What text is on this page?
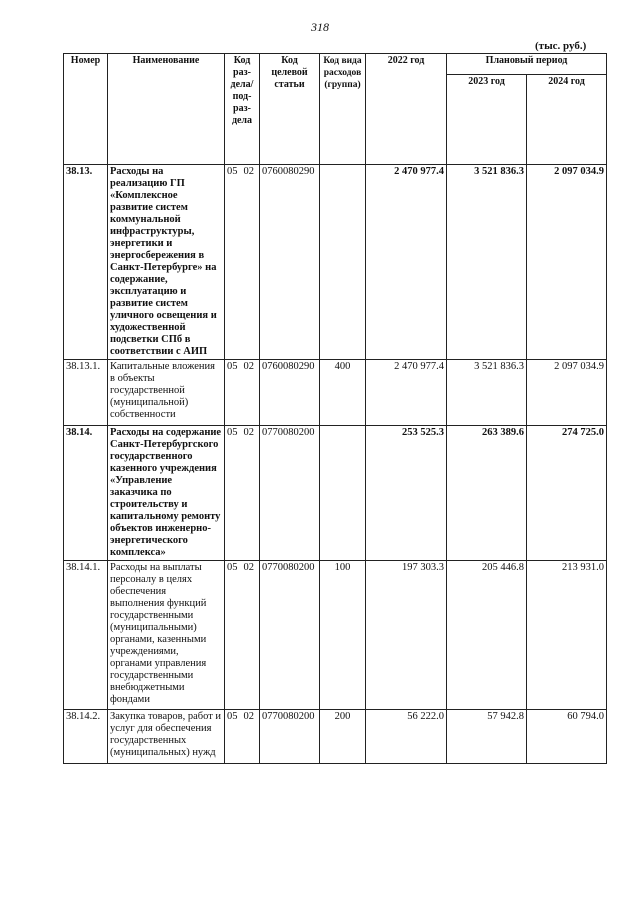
318
(тыс. руб.)
Номер	Наименование	Код раз-дела/ под-раз-дела	Код целевой статьи	Код вида расходов (группа)	2022 год	Плановый период	
						2023 год	2024 год
38.13.	Расходы на реализацию ГП «Комплексное развитие систем коммунальной инфраструктуры, энергетики и энергосбережения в Санкт-Петербурге» на содержание, эксплуатацию и развитие систем уличного освещения и художественной подсветки СПб в соответствии с АИП	05 02	0760080290		2 470 977.4	3 521 836.3	2 097 034.9
38.13.1.	Капитальные вложения в объекты государственной (муниципальной) собственности	05 02	0760080290	400	2 470 977.4	3 521 836.3	2 097 034.9
38.14.	Расходы на содержание Санкт-Петербургского государственного казенного учреждения «Управление заказчика по строительству и капитальному ремонту объектов инженерно-энергетического комплекса»	05 02	0770080200		253 525.3	263 389.6	274 725.0
38.14.1.	Расходы на выплаты персоналу в целях обеспечения выполнения функций государственными (муниципальными) органами, казенными учреждениями, органами управления государственными внебюджетными фондами	05 02	0770080200	100	197 303.3	205 446.8	213 931.0
38.14.2.	Закупка товаров, работ и услуг для обеспечения государственных (муниципальных) нужд	05 02	0770080200	200	56 222.0	57 942.8	60 794.0
